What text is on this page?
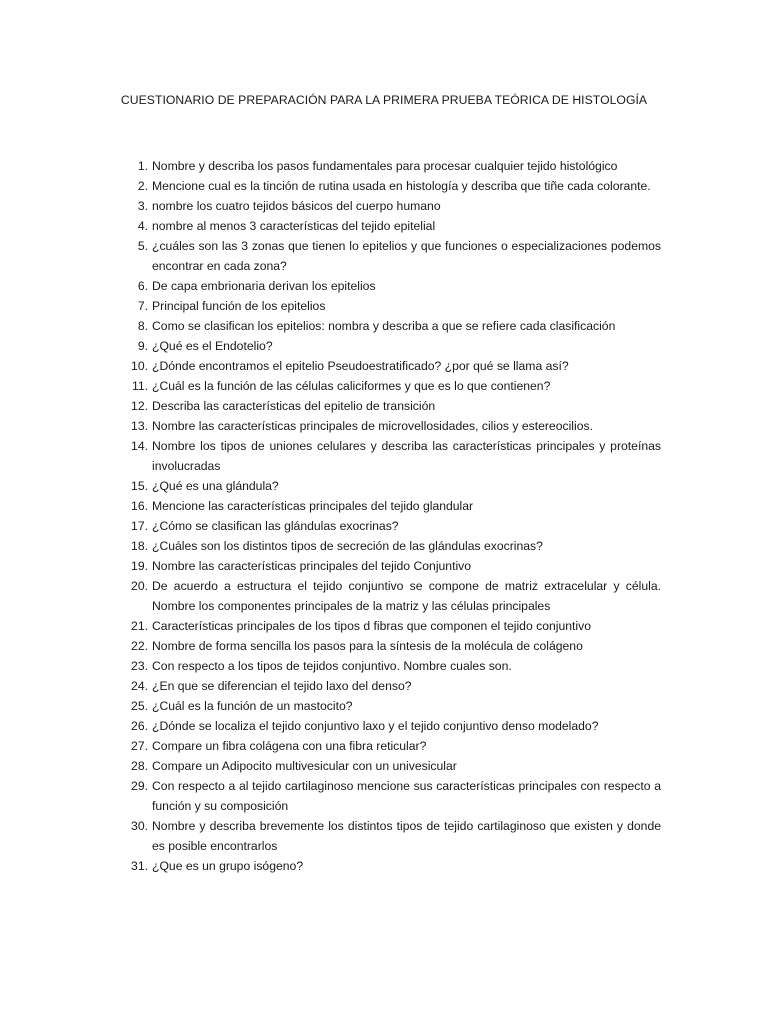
CUESTIONARIO DE PREPARACIÓN PARA LA PRIMERA PRUEBA TEÓRICA DE HISTOLOGÍA
1. Nombre y describa los pasos fundamentales para procesar cualquier tejido histológico
2. Mencione cual es la tinción de rutina usada en histología y describa que tiñe cada colorante.
3. nombre los cuatro tejidos básicos del cuerpo humano
4. nombre al menos 3 características del tejido epitelial
5. ¿cuáles son las 3 zonas que tienen lo epitelios y que funciones o especializaciones podemos encontrar en cada zona?
6. De capa embrionaria derivan los epitelios
7. Principal función de los epitelios
8. Como se clasifican los epitelios: nombra y describa a que se refiere cada clasificación
9. ¿Qué es el Endotelio?
10. ¿Dónde encontramos el epitelio Pseudoestratificado? ¿por qué se llama así?
11. ¿Cuál es la función de las células caliciformes y que es lo que contienen?
12. Describa las características del epitelio de transición
13. Nombre las características principales de microvellosidades, cilios y estereocilios.
14. Nombre los tipos de uniones celulares y describa las características principales y proteínas involucradas
15. ¿Qué es una glándula?
16. Mencione las características principales del tejido glandular
17. ¿Cómo se clasifican las glándulas exocrinas?
18. ¿Cuáles son los distintos tipos de secreción de las glándulas exocrinas?
19. Nombre las características principales del tejido Conjuntivo
20. De acuerdo a estructura el tejido conjuntivo se compone de matriz extracelular y célula. Nombre los componentes principales de la matriz y las células principales
21. Características principales de los tipos d fibras que componen el tejido conjuntivo
22. Nombre de forma sencilla los pasos para la síntesis de la molécula de colágeno
23. Con respecto a los tipos de tejidos conjuntivo. Nombre cuales son.
24. ¿En que se diferencian el tejido laxo del denso?
25. ¿Cuál es la función de un mastocito?
26. ¿Dónde se localiza el tejido conjuntivo laxo y el tejido conjuntivo denso modelado?
27. Compare un fibra colágena con una fibra reticular?
28. Compare un Adipocito multivesicular con un univesicular
29. Con respecto a al tejido cartilaginoso mencione sus características principales con respecto a función y su composición
30. Nombre y describa brevemente los distintos tipos de tejido cartilaginoso que existen y donde es posible encontrarlos
31. ¿Que es un grupo isógeno?
